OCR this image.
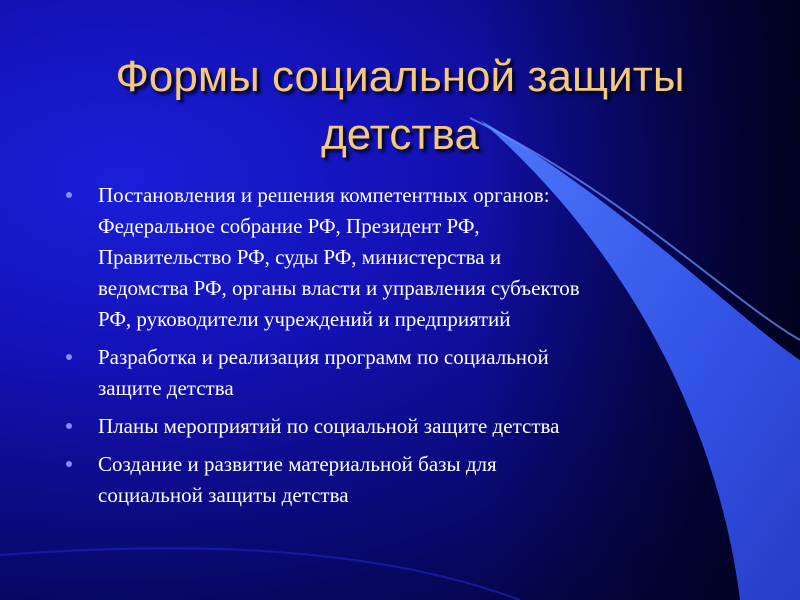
Формы социальной защиты
детства
Постановления и решения компетентных органов:
Федеральное собрание РФ, Президент РФ,
Правительство РФ, суды РФ, министерства и
ведомства РФ, органы власти и управления субъектов
РФ, руководители учреждений и предприятий
Разработка и реализация программ по социальной
защите детства
Планы мероприятий по социальной защите детства
Создание и развитие материальной базы для
социальной защиты детства
